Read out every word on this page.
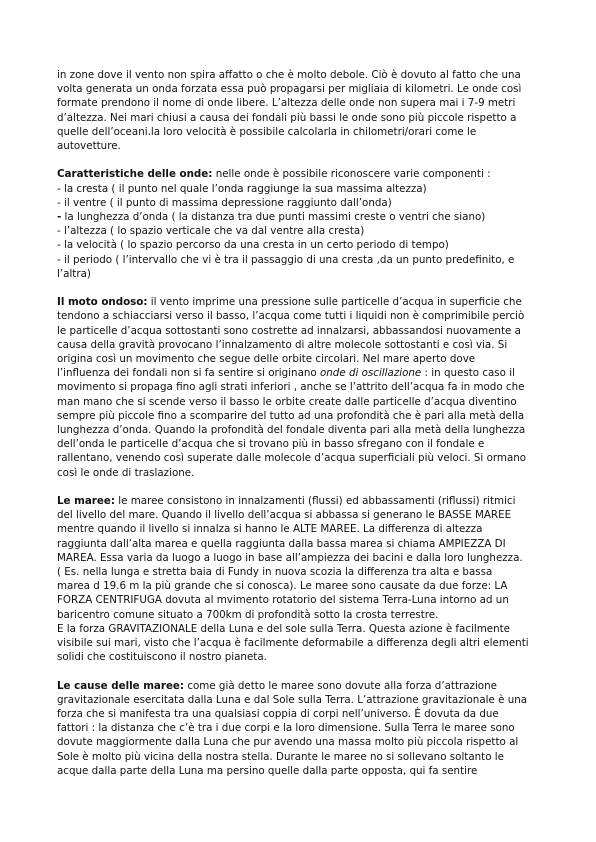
in zone dove il vento non spira affatto o che è molto debole. Ciò è dovuto al fatto che una
volta generata un onda forzata essa può propagarsi per migliaia di kilometri. Le onde così
formate prendono il nome di onde libere. L’altezza delle onde non supera mai i 7-9 metri
d’altezza. Nei mari chiusi a causa dei fondali più bassi le onde sono più piccole rispetto a
quelle dell’oceani.la loro velocità è possibile calcolarla in chilometri/orari come le
autovetture.
Caratteristiche delle onde: nelle onde è possibile riconoscere varie componenti :
- la cresta ( il punto nel quale l’onda raggiunge la sua massima altezza)
- il ventre ( il punto di massima depressione raggiunto dall’onda)
- la lunghezza d’onda ( la distanza tra due punti massimi creste o ventri che siano)
- l’altezza ( lo spazio verticale che va dal ventre alla cresta)
- la velocità ( lo spazio percorso da una cresta in un certo periodo di tempo)
- il periodo ( l’intervallo che vi è tra il passaggio di una cresta ,da un punto predefinito, e
l’altra)
Il moto ondoso: il vento imprime una pressione sulle particelle d’acqua in superficie che
tendono a schiacciarsi verso il basso, l’acqua come tutti i liquidi non è comprimibile perciò
le particelle d’acqua sottostanti sono costrette ad innalzarsi, abbassandosi nuovamente a
causa della gravità provocano l’innalzamento di altre molecole sottostanti e così via. Si
origina così un movimento che segue delle orbite circolari. Nel mare aperto dove
l’influenza dei fondali non si fa sentire si originano onde di oscillazione : in questo caso il
movimento si propaga fino agli strati inferiori , anche se l’attrito dell’acqua fa in modo che
man mano che si scende verso il basso le orbite create dalle particelle d’acqua diventino
sempre più piccole fino a scomparire del tutto ad una profondità che è pari alla metà della
lunghezza d’onda. Quando la profondità del fondale diventa pari alla metà della lunghezza
dell’onda le particelle d’acqua che si trovano più in basso sfregano con il fondale e
rallentano, venendo così superate dalle molecole d’acqua superficiali più veloci. Si ormano
così le onde di traslazione.
Le maree: le maree consistono in innalzamenti (flussi) ed abbassamenti (riflussi) ritmici
del livello del mare. Quando il livello dell’acqua si abbassa si generano le BASSE MAREE
mentre quando il livello si innalza si hanno le ALTE MAREE. La differenza di altezza
raggiunta dall’alta marea e quella raggiunta dalla bassa marea si chiama AMPIEZZA DI
MAREA. Essa varia da luogo a luogo in base all’ampiezza dei bacini e dalla loro lunghezza.
( Es. nella lunga e stretta baia di Fundy in nuova scozia la differenza tra alta e bassa
marea d 19.6 m la più grande che si conosca). Le maree sono causate da due forze: LA
FORZA CENTRIFUGA dovuta al mvimento rotatorio del sistema Terra-Luna intorno ad un
baricentro comune situato a 700km di profondità sotto la crosta terrestre.
E la forza GRAVITAZIONALE della Luna e del sole sulla Terra. Questa azione è facilmente
visibile sui mari, visto che l’acqua è facilmente deformabile a differenza degli altri elementi
solidi che costituiscono il nostro pianeta.
Le cause delle maree: come già detto le maree sono dovute alla forza d’attrazione
gravitazionale esercitata dalla Luna e dal Sole sulla Terra. L’attrazione gravitazionale è una
forza che si manifesta tra una qualsiasi coppia di corpi nell’universo. È dovuta da due
fattori : la distanza che c’è tra i due corpi e la loro dimensione. Sulla Terra le maree sono
dovute maggiormente dalla Luna che pur avendo una massa molto più piccola rispetto al
Sole è molto più vicina della nostra stella. Durante le maree no si sollevano soltanto le
acque dalla parte della Luna ma persino quelle dalla parte opposta, qui fa sentire
